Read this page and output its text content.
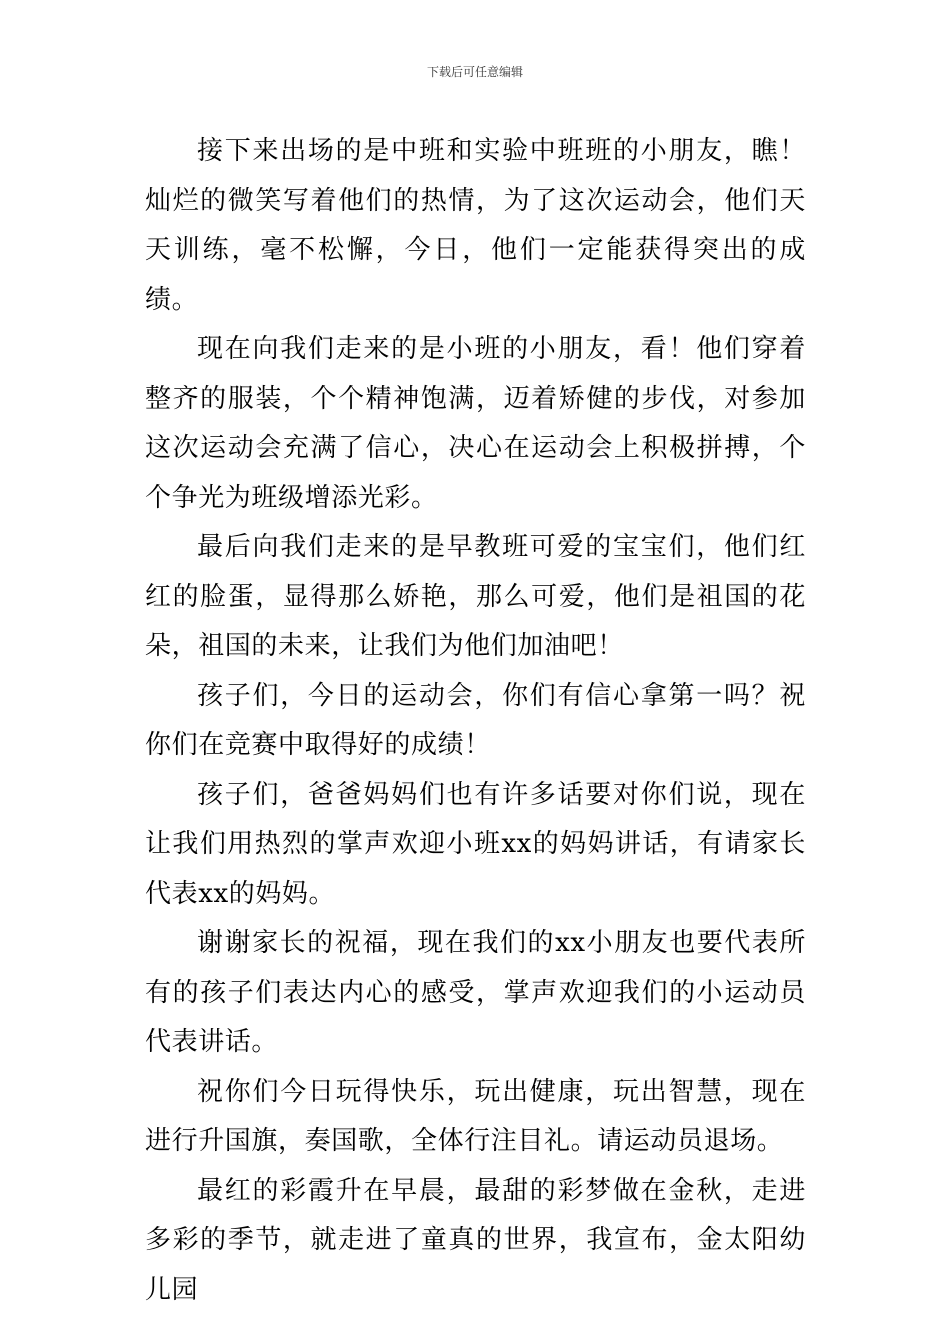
下载后可任意编辑

接下来出场的是中班和实验中班班的小朋友，瞧！灿烂的微笑写着他们的热情，为了这次运动会，他们天天训练，毫不松懈，今日，他们一定能获得突出的成绩。

现在向我们走来的是小班的小朋友，看！他们穿着整齐的服装，个个精神饱满，迈着矫健的步伐，对参加这次运动会充满了信心，决心在运动会上积极拼搏，个个争光为班级增添光彩。

最后向我们走来的是早教班可爱的宝宝们，他们红红的脸蛋，显得那么娇艳，那么可爱，他们是祖国的花朵，祖国的未来，让我们为他们加油吧！

孩子们，今日的运动会，你们有信心拿第一吗？祝你们在竞赛中取得好的成绩！

孩子们，爸爸妈妈们也有许多话要对你们说，现在让我们用热烈的掌声欢迎小班xx的妈妈讲话，有请家长代表xx的妈妈。

谢谢家长的祝福，现在我们的xx小朋友也要代表所有的孩子们表达内心的感受，掌声欢迎我们的小运动员代表讲话。

祝你们今日玩得快乐，玩出健康，玩出智慧，现在进行升国旗，奏国歌，全体行注目礼。请运动员退场。

最红的彩霞升在早晨，最甜的彩梦做在金秋，走进多彩的季节，就走进了童真的世界，我宣布，金太阳幼儿园
